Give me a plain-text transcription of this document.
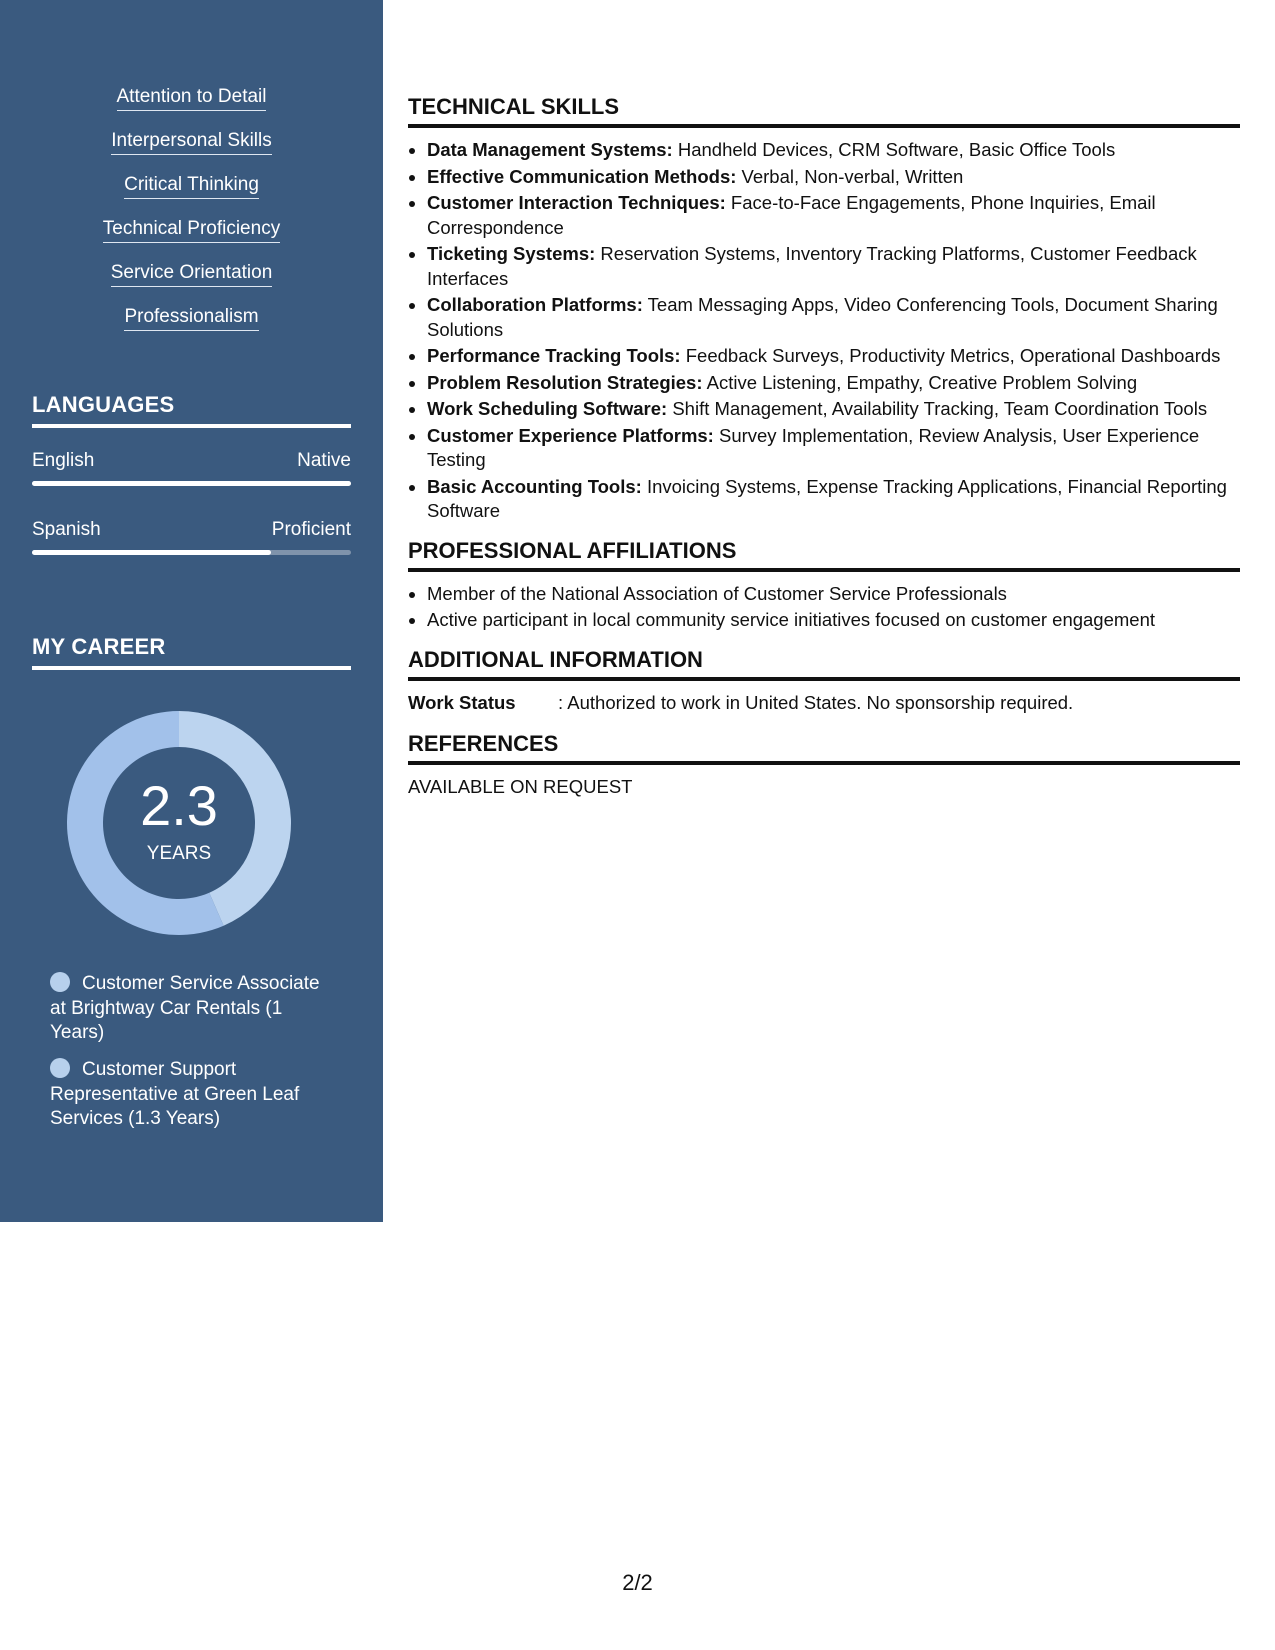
Attention to Detail
Interpersonal Skills
Critical Thinking
Technical Proficiency
Service Orientation
Professionalism
LANGUAGES
English	Native
Spanish	Proficient
MY CAREER
2.3
YEARS
Customer Service Associate at Brightway Car Rentals (1 Years)
Customer Support Representative at Green Leaf Services (1.3 Years)
TECHNICAL SKILLS
• Data Management Systems: Handheld Devices, CRM Software, Basic Office Tools
• Effective Communication Methods: Verbal, Non-verbal, Written
• Customer Interaction Techniques: Face-to-Face Engagements, Phone Inquiries, Email Correspondence
• Ticketing Systems: Reservation Systems, Inventory Tracking Platforms, Customer Feedback Interfaces
• Collaboration Platforms: Team Messaging Apps, Video Conferencing Tools, Document Sharing Solutions
• Performance Tracking Tools: Feedback Surveys, Productivity Metrics, Operational Dashboards
• Problem Resolution Strategies: Active Listening, Empathy, Creative Problem Solving
• Work Scheduling Software: Shift Management, Availability Tracking, Team Coordination Tools
• Customer Experience Platforms: Survey Implementation, Review Analysis, User Experience Testing
• Basic Accounting Tools: Invoicing Systems, Expense Tracking Applications, Financial Reporting Software
PROFESSIONAL AFFILIATIONS
• Member of the National Association of Customer Service Professionals
• Active participant in local community service initiatives focused on customer engagement
ADDITIONAL INFORMATION
Work Status : Authorized to work in United States. No sponsorship required.
REFERENCES
AVAILABLE ON REQUEST
2/2
